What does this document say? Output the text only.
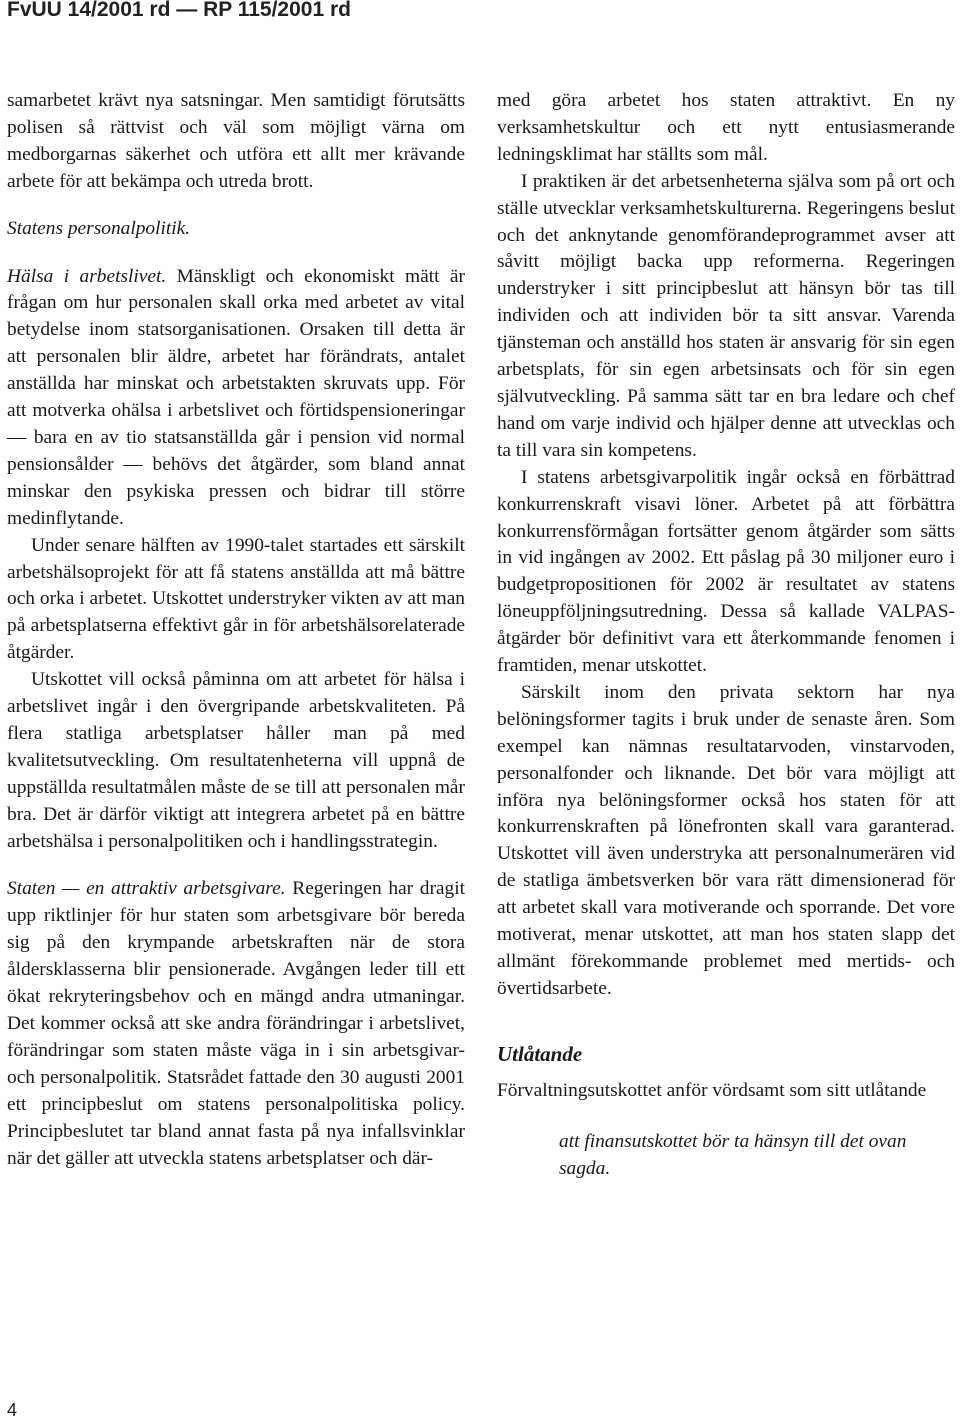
FvUU 14/2001 rd — RP 115/2001 rd

samarbetet krävt nya satsningar. Men samtidigt förutsätts polisen så rättvist och väl som möjligt värna om medborgarnas säkerhet och utföra ett allt mer krävande arbete för att bekämpa och utreda brott.

Statens personalpolitik.

Hälsa i arbetslivet. Mänskligt och ekonomiskt mätt är frågan om hur personalen skall orka med arbetet av vital betydelse inom statsorganisationen. Orsaken till detta är att personalen blir äldre, arbetet har förändrats, antalet anställda har minskat och arbetstakten skruvats upp. För att motverka ohälsa i arbetslivet och förtidspensioneringar — bara en av tio statsanställda går i pension vid normal pensionsålder — behövs det åtgärder, som bland annat minskar den psykiska pressen och bidrar till större medinflytande.

Under senare hälften av 1990-talet startades ett särskilt arbetshälsoprojekt för att få statens anställda att må bättre och orka i arbetet. Utskottet understryker vikten av att man på arbetsplatserna effektivt går in för arbetshälsorelaterade åtgärder.

Utskottet vill också påminna om att arbetet för hälsa i arbetslivet ingår i den övergripande arbetskvaliteten. På flera statliga arbetsplatser håller man på med kvalitetsutveckling. Om resultatenheterna vill uppnå de uppställda resultatmålen måste de se till att personalen mår bra. Det är därför viktigt att integrera arbetet på en bättre arbetshälsa i personalpolitiken och i handlingsstrategin.

Staten — en attraktiv arbetsgivare. Regeringen har dragit upp riktlinjer för hur staten som arbetsgivare bör bereda sig på den krympande arbetskraften när de stora åldersklasserna blir pensionerade. Avgången leder till ett ökat rekryteringsbehov och en mängd andra utmaningar. Det kommer också att ske andra förändringar i arbetslivet, förändringar som staten måste väga in i sin arbetsgivar- och personalpolitik. Statsrådet fattade den 30 augusti 2001 ett principbeslut om statens personalpolitiska policy. Principbeslutet tar bland annat fasta på nya infallsvinklar när det gäller att utveckla statens arbetsplatser och där-

med göra arbetet hos staten attraktivt. En ny verksamhetskultur och ett nytt entusiasmerande ledningsklimat har ställts som mål.

I praktiken är det arbetsenheterna själva som på ort och ställe utvecklar verksamhetskulturerna. Regeringens beslut och det anknytande genomförandeprogrammet avser att såvitt möjligt backa upp reformerna. Regeringen understryker i sitt principbeslut att hänsyn bör tas till individen och att individen bör ta sitt ansvar. Varenda tjänsteman och anställd hos staten är ansvarig för sin egen arbetsplats, för sin egen arbetsinsats och för sin egen självutveckling. På samma sätt tar en bra ledare och chef hand om varje individ och hjälper denne att utvecklas och ta till vara sin kompetens.

I statens arbetsgivarpolitik ingår också en förbättrad konkurrenskraft visavi löner. Arbetet på att förbättra konkurrensförmågan fortsätter genom åtgärder som sätts in vid ingången av 2002. Ett påslag på 30 miljoner euro i budgetpropositionen för 2002 är resultatet av statens löneuppföljningsutredning. Dessa så kallade VALPAS-åtgärder bör definitivt vara ett återkommande fenomen i framtiden, menar utskottet.

Särskilt inom den privata sektorn har nya belöningsformer tagits i bruk under de senaste åren. Som exempel kan nämnas resultatarvoden, vinstarvoden, personalfonder och liknande. Det bör vara möjligt att införa nya belöningsformer också hos staten för att konkurrenskraften på lönefronten skall vara garanterad. Utskottet vill även understryka att personalnumerären vid de statliga ämbetsverken bör vara rätt dimensionerad för att arbetet skall vara motiverande och sporrande. Det vore motiverat, menar utskottet, att man hos staten slapp det allmänt förekommande problemet med mertids- och övertidsarbete.

Utlåtande

Förvaltningsutskottet anför vördsamt som sitt utlåtande

att finansutskottet bör ta hänsyn till det ovan sagda.

4
